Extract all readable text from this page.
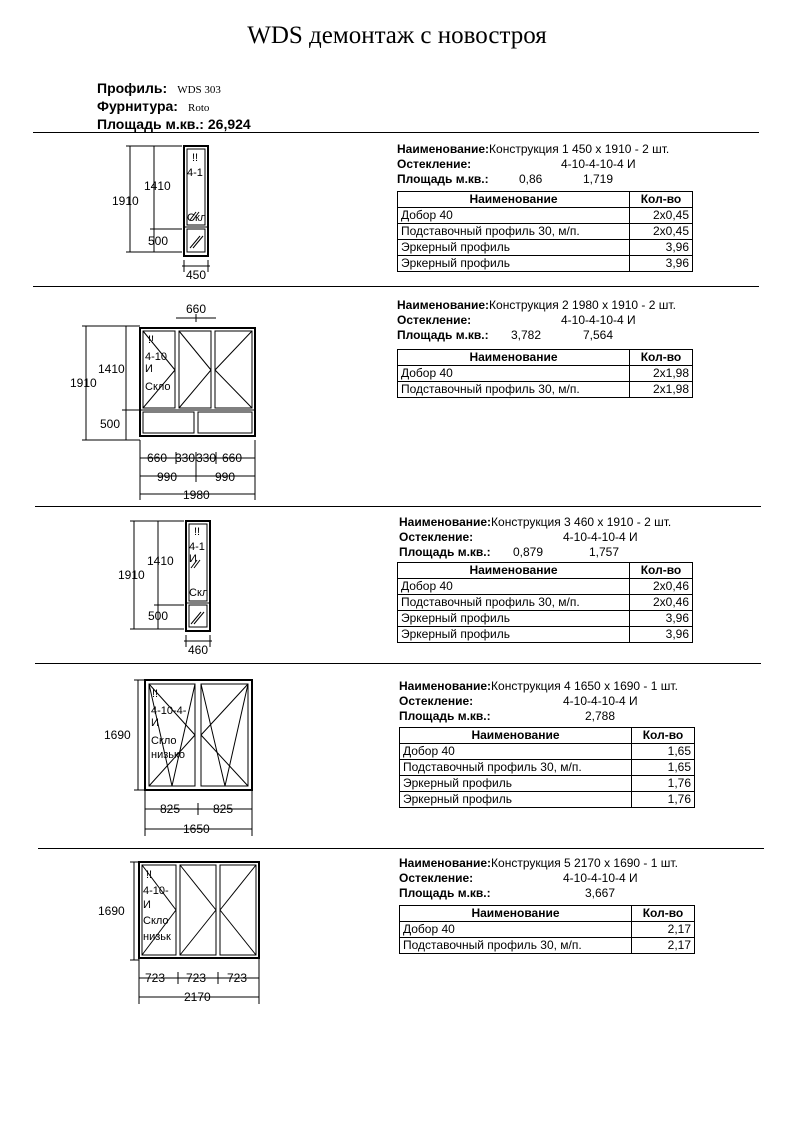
WDS демонтаж с новостроя
Профиль: WDS 303
Фурнитура: Roto
Площадь м.кв.: 26,924
1910
1410
500
450
!!
4-1
Скл
Наименование:Конструкция 1 450 x 1910 - 2 шт.
Остекление:	4-10-4-10-4 И
Площадь м.кв.:	0,86	1,719
Наименование	Кол-во
Добор 40	2x0,45
Подставочный профиль 30, м/п.	2x0,45
Эркерный профиль	3,96
Эркерный профиль	3,96
660
1910
1410
500
660 330 330 660
990	990
1980
!!
4-10
И
Скло
Наименование:Конструкция 2 1980 x 1910 - 2 шт.
Остекление:	4-10-4-10-4 И
Площадь м.кв.: 3,782	7,564
Наименование	Кол-во
Добор 40	2x1,98
Подставочный профиль 30, м/п.	2x1,98
1910
1410
500
460
!!
4-1
И
Скл
Наименование:Конструкция 3 460 x 1910 - 2 шт.
Остекление:	4-10-4-10-4 И
Площадь м.кв.: 0,879	1,757
Наименование	Кол-во
Добор 40	2x0,46
Подставочный профиль 30, м/п.	2x0,46
Эркерный профиль	3,96
Эркерный профиль	3,96
1690
825	825
1650
!!
4-10-4-
И
Скло
низько
Наименование:Конструкция 4 1650 x 1690 - 1 шт.
Остекление:	4-10-4-10-4 И
Площадь м.кв.:	2,788
Наименование	Кол-во
Добор 40	1,65
Подставочный профиль 30, м/п.	1,65
Эркерный профиль	1,76
Эркерный профиль	1,76
1690
723 723 723
2170
!!
4-10-
И
Скло
низьк
Наименование:Конструкция 5 2170 x 1690 - 1 шт.
Остекление:	4-10-4-10-4 И
Площадь м.кв.:	3,667
Наименование	Кол-во
Добор 40	2,17
Подставочный профиль 30, м/п.	2,17
